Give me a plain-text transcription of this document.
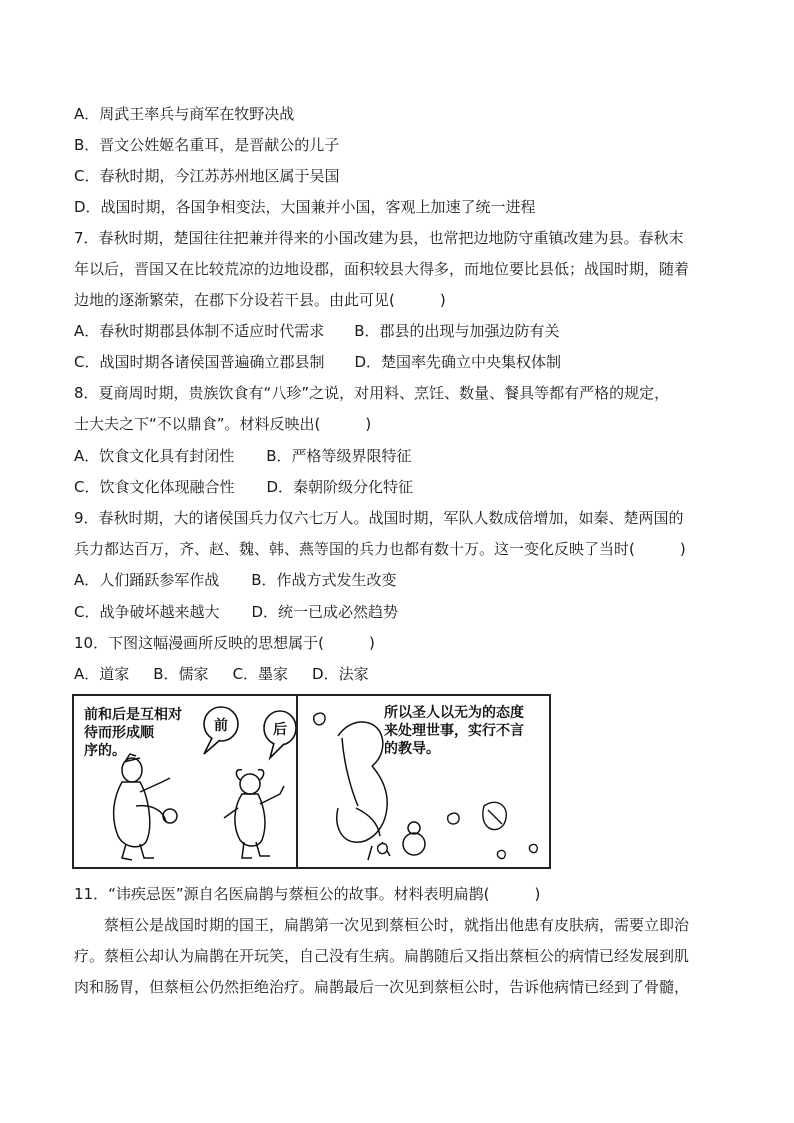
A．周武王率兵与商军在牧野决战
B．晋文公姓姬名重耳，是晋献公的儿子
C．春秋时期，今江苏苏州地区属于吴国
D．战国时期，各国争相变法，大国兼并小国，客观上加速了统一进程
7．春秋时期，楚国往往把兼并得来的小国改建为县，也常把边地防守重镇改建为县。春秋末
年以后，晋国又在比较荒凉的边地设郡，面积较县大得多，而地位要比县低；战国时期，随着
边地的逐渐繁荣，在郡下分设若干县。由此可见(　　　)
A．春秋时期郡县体制不适应时代需求 B．郡县的出现与加强边防有关
C．战国时期各诸侯国普遍确立郡县制 D．楚国率先确立中央集权体制
8．夏商周时期，贵族饮食有“八珍”之说，对用料、烹饪、数量、餐具等都有严格的规定，
士大夫之下“不以鼎食”。材料反映出(　　　)
A．饮食文化具有封闭性 B．严格等级界限特征
C．饮食文化体现融合性 D．秦朝阶级分化特征
9．春秋时期，大的诸侯国兵力仅六七万人。战国时期，军队人数成倍增加，如秦、楚两国的
兵力都达百万，齐、赵、魏、韩、燕等国的兵力也都有数十万。这一变化反映了当时(　　　)
A．人们踊跃参军作战 B．作战方式发生改变
C．战争破坏越来越大 D．统一已成必然趋势
10．下图这幅漫画所反映的思想属于(　　　)
A．道家 B．儒家 C．墨家 D．法家
前和后是互相对
待而形成顺
序的。
前	后
所以圣人以无为的态度
来处理世事，实行不言
的教导。
11．“讳疾忌医”源自名医扁鹊与蔡桓公的故事。材料表明扁鹊(　　　)
蔡桓公是战国时期的国王，扁鹊第一次见到蔡桓公时，就指出他患有皮肤病，需要立即治
疗。蔡桓公却认为扁鹊在开玩笑，自己没有生病。扁鹊随后又指出蔡桓公的病情已经发展到肌
肉和肠胃，但蔡桓公仍然拒绝治疗。扁鹊最后一次见到蔡桓公时，告诉他病情已经到了骨髓，
